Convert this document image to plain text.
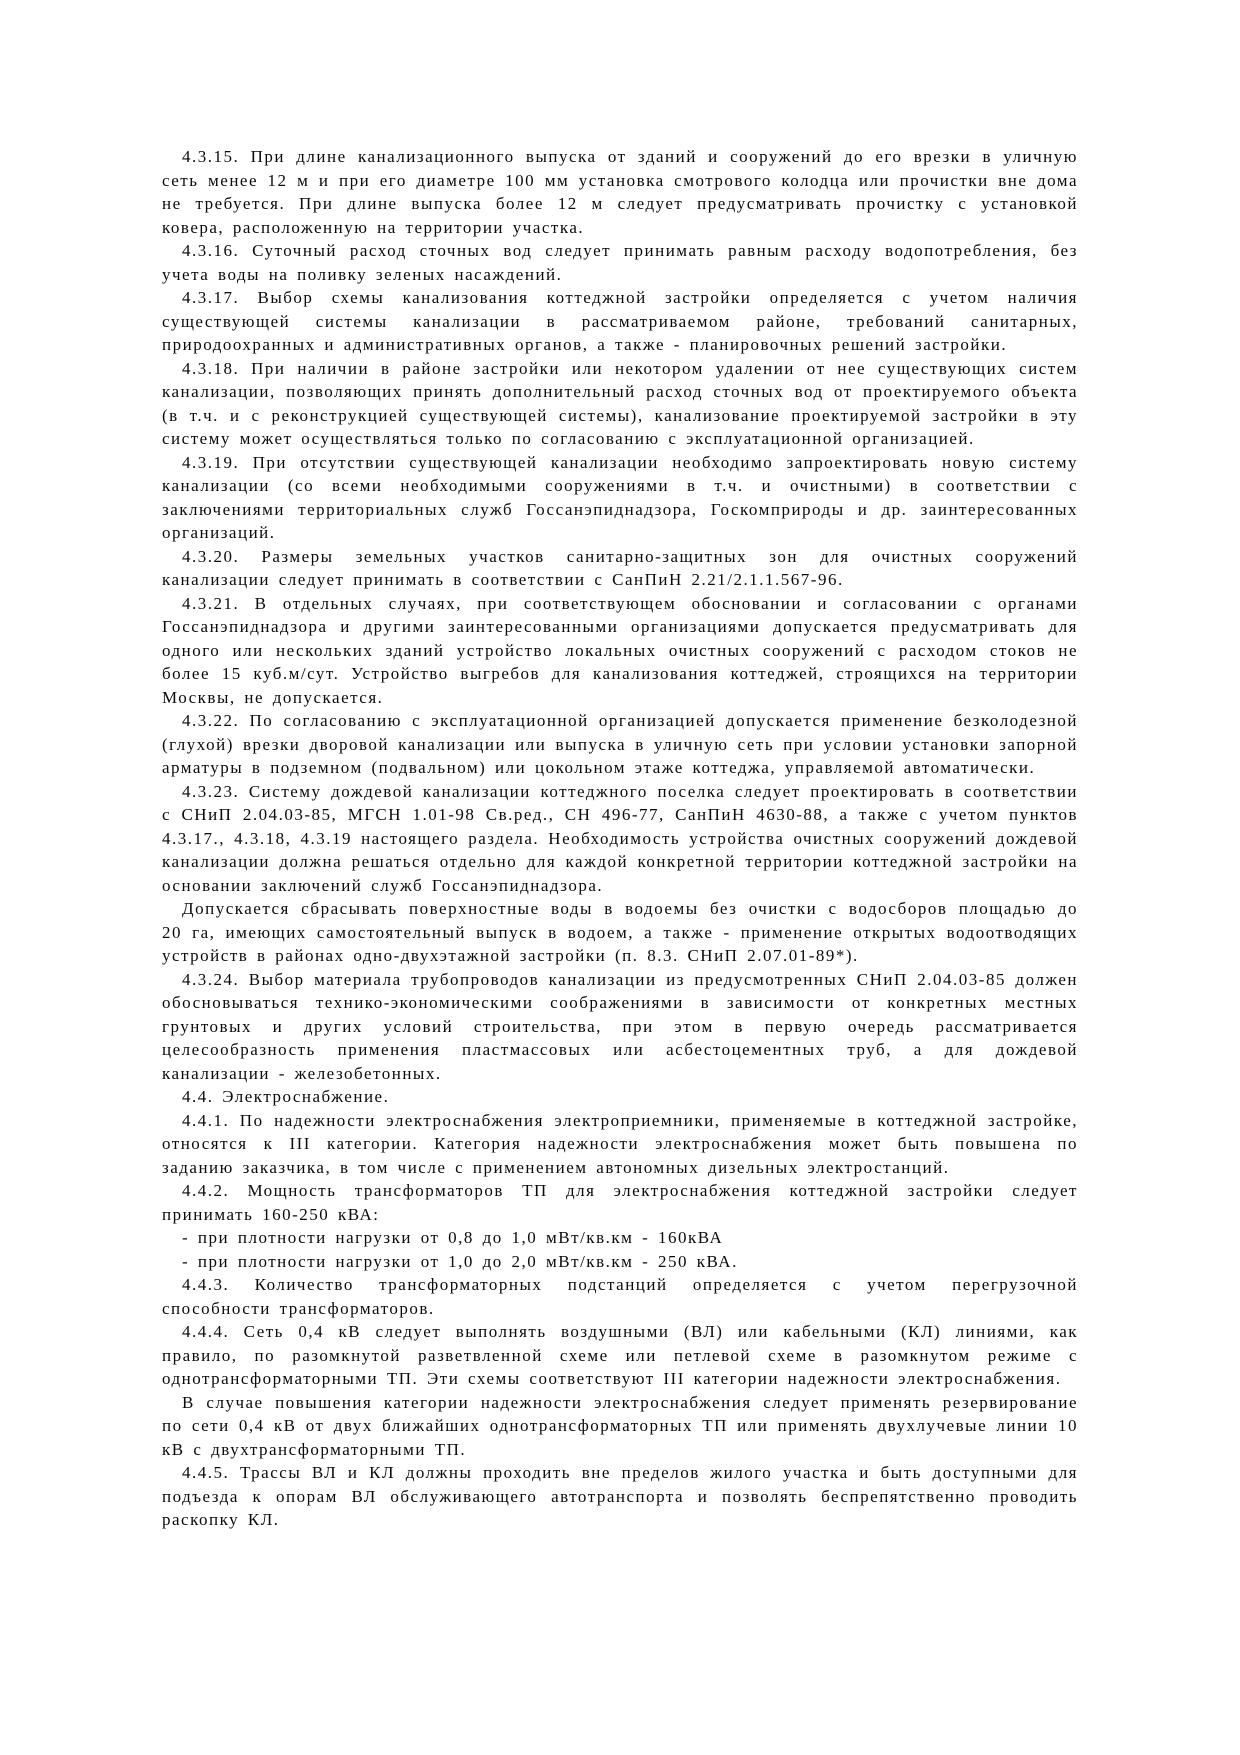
4.3.15. При длине канализационного выпуска от зданий и сооружений до его врезки в уличную сеть менее 12 м и при его диаметре 100 мм установка смотрового колодца или прочистки вне дома не требуется. При длине выпуска более 12 м следует предусматривать прочистку с установкой ковера, расположенную на территории участка.

4.3.16. Суточный расход сточных вод следует принимать равным расходу водопотребления, без учета воды на поливку зеленых насаждений.

4.3.17. Выбор схемы канализования коттеджной застройки определяется с учетом наличия существующей системы канализации в рассматриваемом районе, требований санитарных, природоохранных и административных органов, а также - планировочных решений застройки.

4.3.18. При наличии в районе застройки или некотором удалении от нее существующих систем канализации, позволяющих принять дополнительный расход сточных вод от проектируемого объекта (в т.ч. и с реконструкцией существующей системы), канализование проектируемой застройки в эту систему может осуществляться только по согласованию с эксплуатационной организацией.

4.3.19. При отсутствии существующей канализации необходимо запроектировать новую систему канализации (со всеми необходимыми сооружениями в т.ч. и очистными) в соответствии с заключениями территориальных служб Госсанэпиднадзора, Госкомприроды и др. заинтересованных организаций.

4.3.20. Размеры земельных участков санитарно-защитных зон для очистных сооружений канализации следует принимать в соответствии с СанПиН 2.21/2.1.1.567-96.

4.3.21. В отдельных случаях, при соответствующем обосновании и согласовании с органами Госсанэпиднадзора и другими заинтересованными организациями допускается предусматривать для одного или нескольких зданий устройство локальных очистных сооружений с расходом стоков не более 15 куб.м/сут. Устройство выгребов для канализования коттеджей, строящихся на территории Москвы, не допускается.

4.3.22. По согласованию с эксплуатационной организацией допускается применение безколодезной (глухой) врезки дворовой канализации или выпуска в уличную сеть при условии установки запорной арматуры в подземном (подвальном) или цокольном этаже коттеджа, управляемой автоматически.

4.3.23. Систему дождевой канализации коттеджного поселка следует проектировать в соответствии с СНиП 2.04.03-85, МГСН 1.01-98 Св.ред., СН 496-77, СанПиН 4630-88, а также с учетом пунктов 4.3.17., 4.3.18, 4.3.19 настоящего раздела. Необходимость устройства очистных сооружений дождевой канализации должна решаться отдельно для каждой конкретной территории коттеджной застройки на основании заключений служб Госсанэпиднадзора.

Допускается сбрасывать поверхностные воды в водоемы без очистки с водосборов площадью до 20 га, имеющих самостоятельный выпуск в водоем, а также - применение открытых водоотводящих устройств в районах одно-двухэтажной застройки (п. 8.3. СНиП 2.07.01-89*).

4.3.24. Выбор материала трубопроводов канализации из предусмотренных СНиП 2.04.03-85 должен обосновываться технико-экономическими соображениями в зависимости от конкретных местных грунтовых и других условий строительства, при этом в первую очередь рассматривается целесообразность применения пластмассовых или асбестоцементных труб, а для дождевой канализации - железобетонных.

4.4. Электроснабжение.

4.4.1. По надежности электроснабжения электроприемники, применяемые в коттеджной застройке, относятся к III категории. Категория надежности электроснабжения может быть повышена по заданию заказчика, в том числе с применением автономных дизельных электростанций.

4.4.2. Мощность трансформаторов ТП для электроснабжения коттеджной застройки следует принимать 160-250 кВА:

- при плотности нагрузки от 0,8 до 1,0 мВт/кв.км - 160кВА

- при плотности нагрузки от 1,0 до 2,0 мВт/кв.км - 250 кВА.

4.4.3. Количество трансформаторных подстанций определяется с учетом перегрузочной способности трансформаторов.

4.4.4. Сеть 0,4 кВ следует выполнять воздушными (ВЛ) или кабельными (КЛ) линиями, как правило, по разомкнутой разветвленной схеме или петлевой схеме в разомкнутом режиме с однотрансформаторными ТП. Эти схемы соответствуют III категории надежности электроснабжения.

В случае повышения категории надежности электроснабжения следует применять резервирование по сети 0,4 кВ от двух ближайших однотрансформаторных ТП или применять двухлучевые линии 10 кВ с двухтрансформаторными ТП.

4.4.5. Трассы ВЛ и КЛ должны проходить вне пределов жилого участка и быть доступными для подъезда к опорам ВЛ обслуживающего автотранспорта и позволять беспрепятственно проводить раскопку КЛ.
